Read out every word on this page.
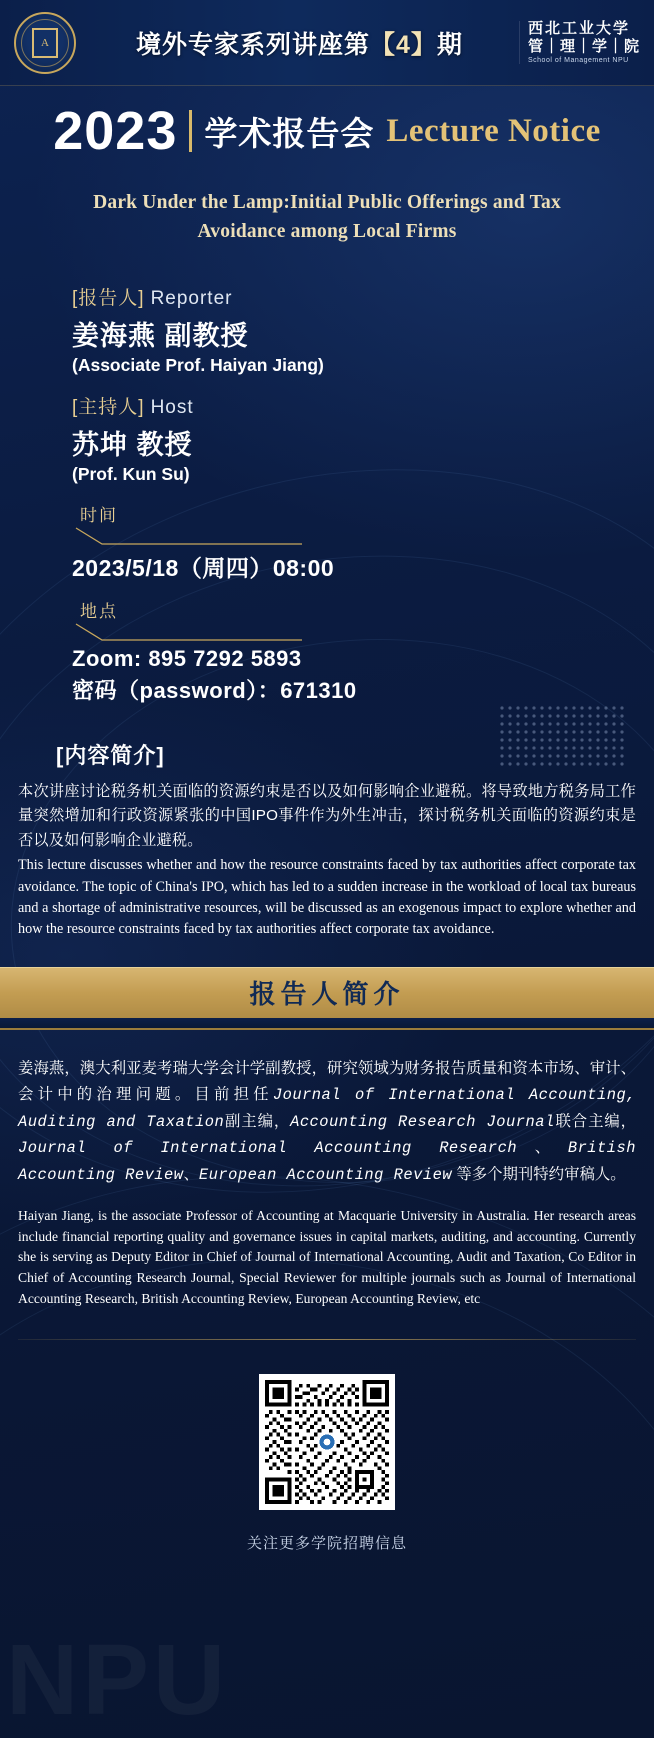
A	境外专家系列讲座第【4】期
西北工业大学
管｜理｜学｜院
School of Management NPU
2023 学术报告会 Lecture Notice
Dark Under the Lamp:Initial Public Offerings and Tax Avoidance among Local Firms
[报告人] Reporter
姜海燕 副教授
(Associate Prof. Haiyan Jiang)
[主持人] Host
苏坤 教授
(Prof. Kun Su)
时间
2023/5/18（周四）08:00
地点
Zoom: 895 7292 5893
密码（password）：671310
[内容简介]
本次讲座讨论税务机关面临的资源约束是否以及如何影响企业避税。将导致地方税务局工作量突然增加和行政资源紧张的中国IPO事件作为外生冲击，探讨税务机关面临的资源约束是否以及如何影响企业避税。
This lecture discusses whether and how the resource constraints faced by tax authorities affect corporate tax avoidance. The topic of China's IPO, which has led to a sudden increase in the workload of local tax bureaus and a shortage of administrative resources, will be discussed as an exogenous impact to explore whether and how the resource constraints faced by tax authorities affect corporate tax avoidance.
报告人简介
姜海燕，澳大利亚麦考瑞大学会计学副教授，研究领域为财务报告质量和资本市场、审计、会计中的治理问题。目前担任Journal of International Accounting, Auditing and Taxation副主编，Accounting Research Journal联合主编，Journal of International Accounting Research、British Accounting Review、European Accounting Review 等多个期刊特约审稿人。
Haiyan Jiang, is the associate Professor of Accounting at Macquarie University in Australia. Her research areas include financial reporting quality and governance issues in capital markets, auditing, and accounting. Currently she is serving as Deputy Editor in Chief of Journal of International Accounting, Audit and Taxation, Co Editor in Chief of Accounting Research Journal, Special Reviewer for multiple journals such as Journal of International Accounting Research, British Accounting Review, European Accounting Review, etc
关注更多学院招聘信息
